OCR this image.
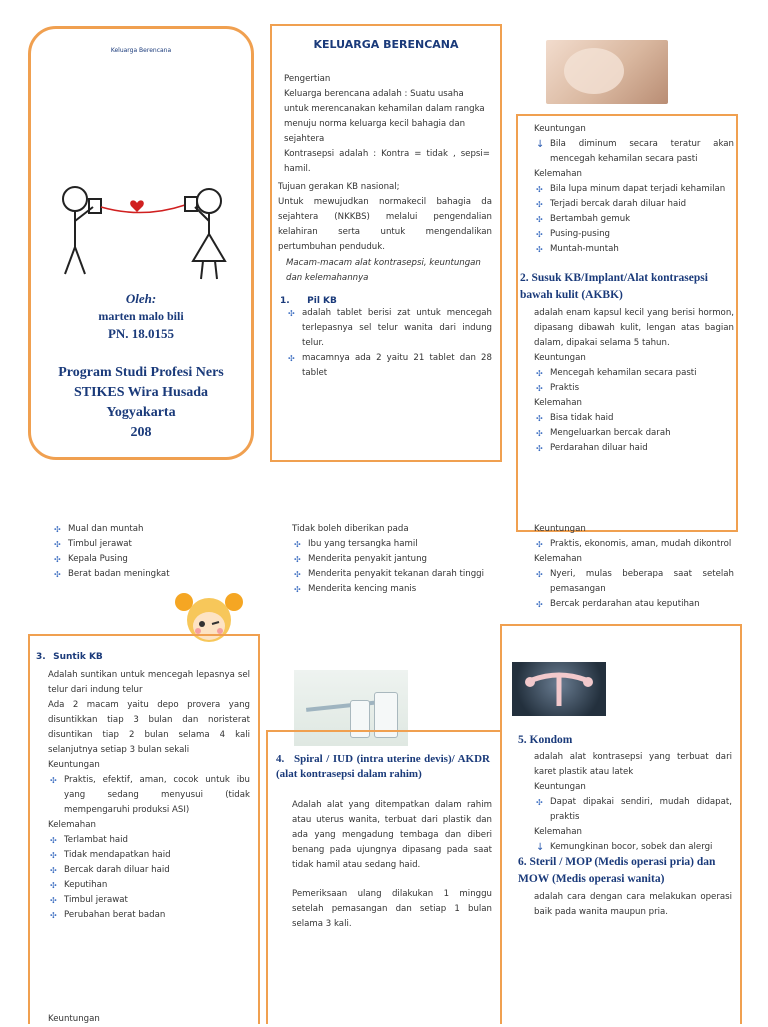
Keluarga Berencana
Oleh:
marten malo bili
PN. 18.0155
Program Studi Profesi Ners
STIKES Wira Husada
Yogyakarta
208
KELUARGA BERENCANA

Pengertian

Keluarga berencana adalah : Suatu usaha untuk merencanakan kehamilan dalam rangka menuju norma keluarga kecil bahagia dan sejahtera

Kontrasepsi adalah : Kontra = tidak , sepsi= hamil.

Tujuan gerakan KB nasional;

Untuk mewujudkan normakecil bahagia da sejahtera (NKKBS) melalui pengendalian kelahiran serta untuk mengendalikan pertumbuhan penduduk.

Macam-macam alat kontrasepsi, keuntungan dan kelemahannya
1. Pil KB
✣ adalah tablet berisi zat untuk mencegah terlepasnya sel telur wanita dari indung telur.
✣ macamnya ada 2 yaitu 21 tablet dan 28 tablet

Keuntungan

↓ Bila diminum secara teratur akan mencegah kehamilan secara pasti

Kelemahan

✣ Bila lupa minum dapat terjadi kehamilan
✣ Terjadi bercak darah diluar haid
✣ Bertambah gemuk
✣ Pusing-pusing
✣ Muntah-muntah
2. Susuk KB/Implant/Alat kontrasepsi bawah kulit (AKBK)

adalah enam kapsul kecil yang berisi hormon, dipasang dibawah kulit, lengan atas bagian dalam, dipakai selama 5 tahun.

Keuntungan

✣ Mencegah kehamilan secara pasti
✣ Praktis

Kelemahan

✣ Bisa tidak haid
✣ Mengeluarkan bercak darah
✣ Perdarahan diluar haid
✣ Mual dan muntah
✣ Timbul jerawat
✣ Kepala Pusing
✣ Berat badan meningkat

Tidak boleh diberikan pada

✣ Ibu yang tersangka hamil
✣ Menderita penyakit jantung
✣ Menderita penyakit tekanan darah tinggi
✣ Menderita kencing manis

Keuntungan

✣ Praktis, ekonomis, aman, mudah dikontrol

Kelemahan

✣ Nyeri, mulas beberapa saat setelah pemasangan
✣ Bercak perdarahan atau keputihan
3. Suntik KB

Adalah suntikan untuk mencegah lepasnya sel telur dari indung telur

Ada 2 macam yaitu depo provera yang disuntikkan tiap 3 bulan dan noristerat disuntikan tiap 2 bulan selama 4 kali selanjutnya setiap 3 bulan sekali

Keuntungan

✣ Praktis, efektif, aman, cocok untuk ibu yang sedang menyusui (tidak mempengaruhi produksi ASI)

Kelemahan

✣ Terlambat haid
✣ Tidak mendapatkan haid
✣ Bercak darah diluar haid
✣ Keputihan
✣ Timbul jerawat
✣ Perubahan berat badan
Keuntungan
4. Spiral / IUD (intra uterine devis)/ AKDR (alat kontrasepsi dalam rahim)

Adalah alat yang ditempatkan dalam rahim atau uterus wanita, terbuat dari plastik dan ada yang mengadung tembaga dan diberi benang pada ujungnya dipasang pada saat tidak hamil atau sedang haid.

Pemeriksaan ulang dilakukan 1 minggu setelah pemasangan dan setiap 1 bulan selama 3 kali.

5. Kondom

adalah alat kontrasepsi yang terbuat dari karet plastik atau latek

Keuntungan

✣ Dapat dipakai sendiri, mudah didapat, praktis

Kelemahan

↓ Kemungkinan bocor, sobek dan alergi
6. Steril / MOP (Medis operasi pria) dan MOW (Medis operasi wanita)
adalah cara dengan cara melakukan operasi baik pada wanita maupun pria.
